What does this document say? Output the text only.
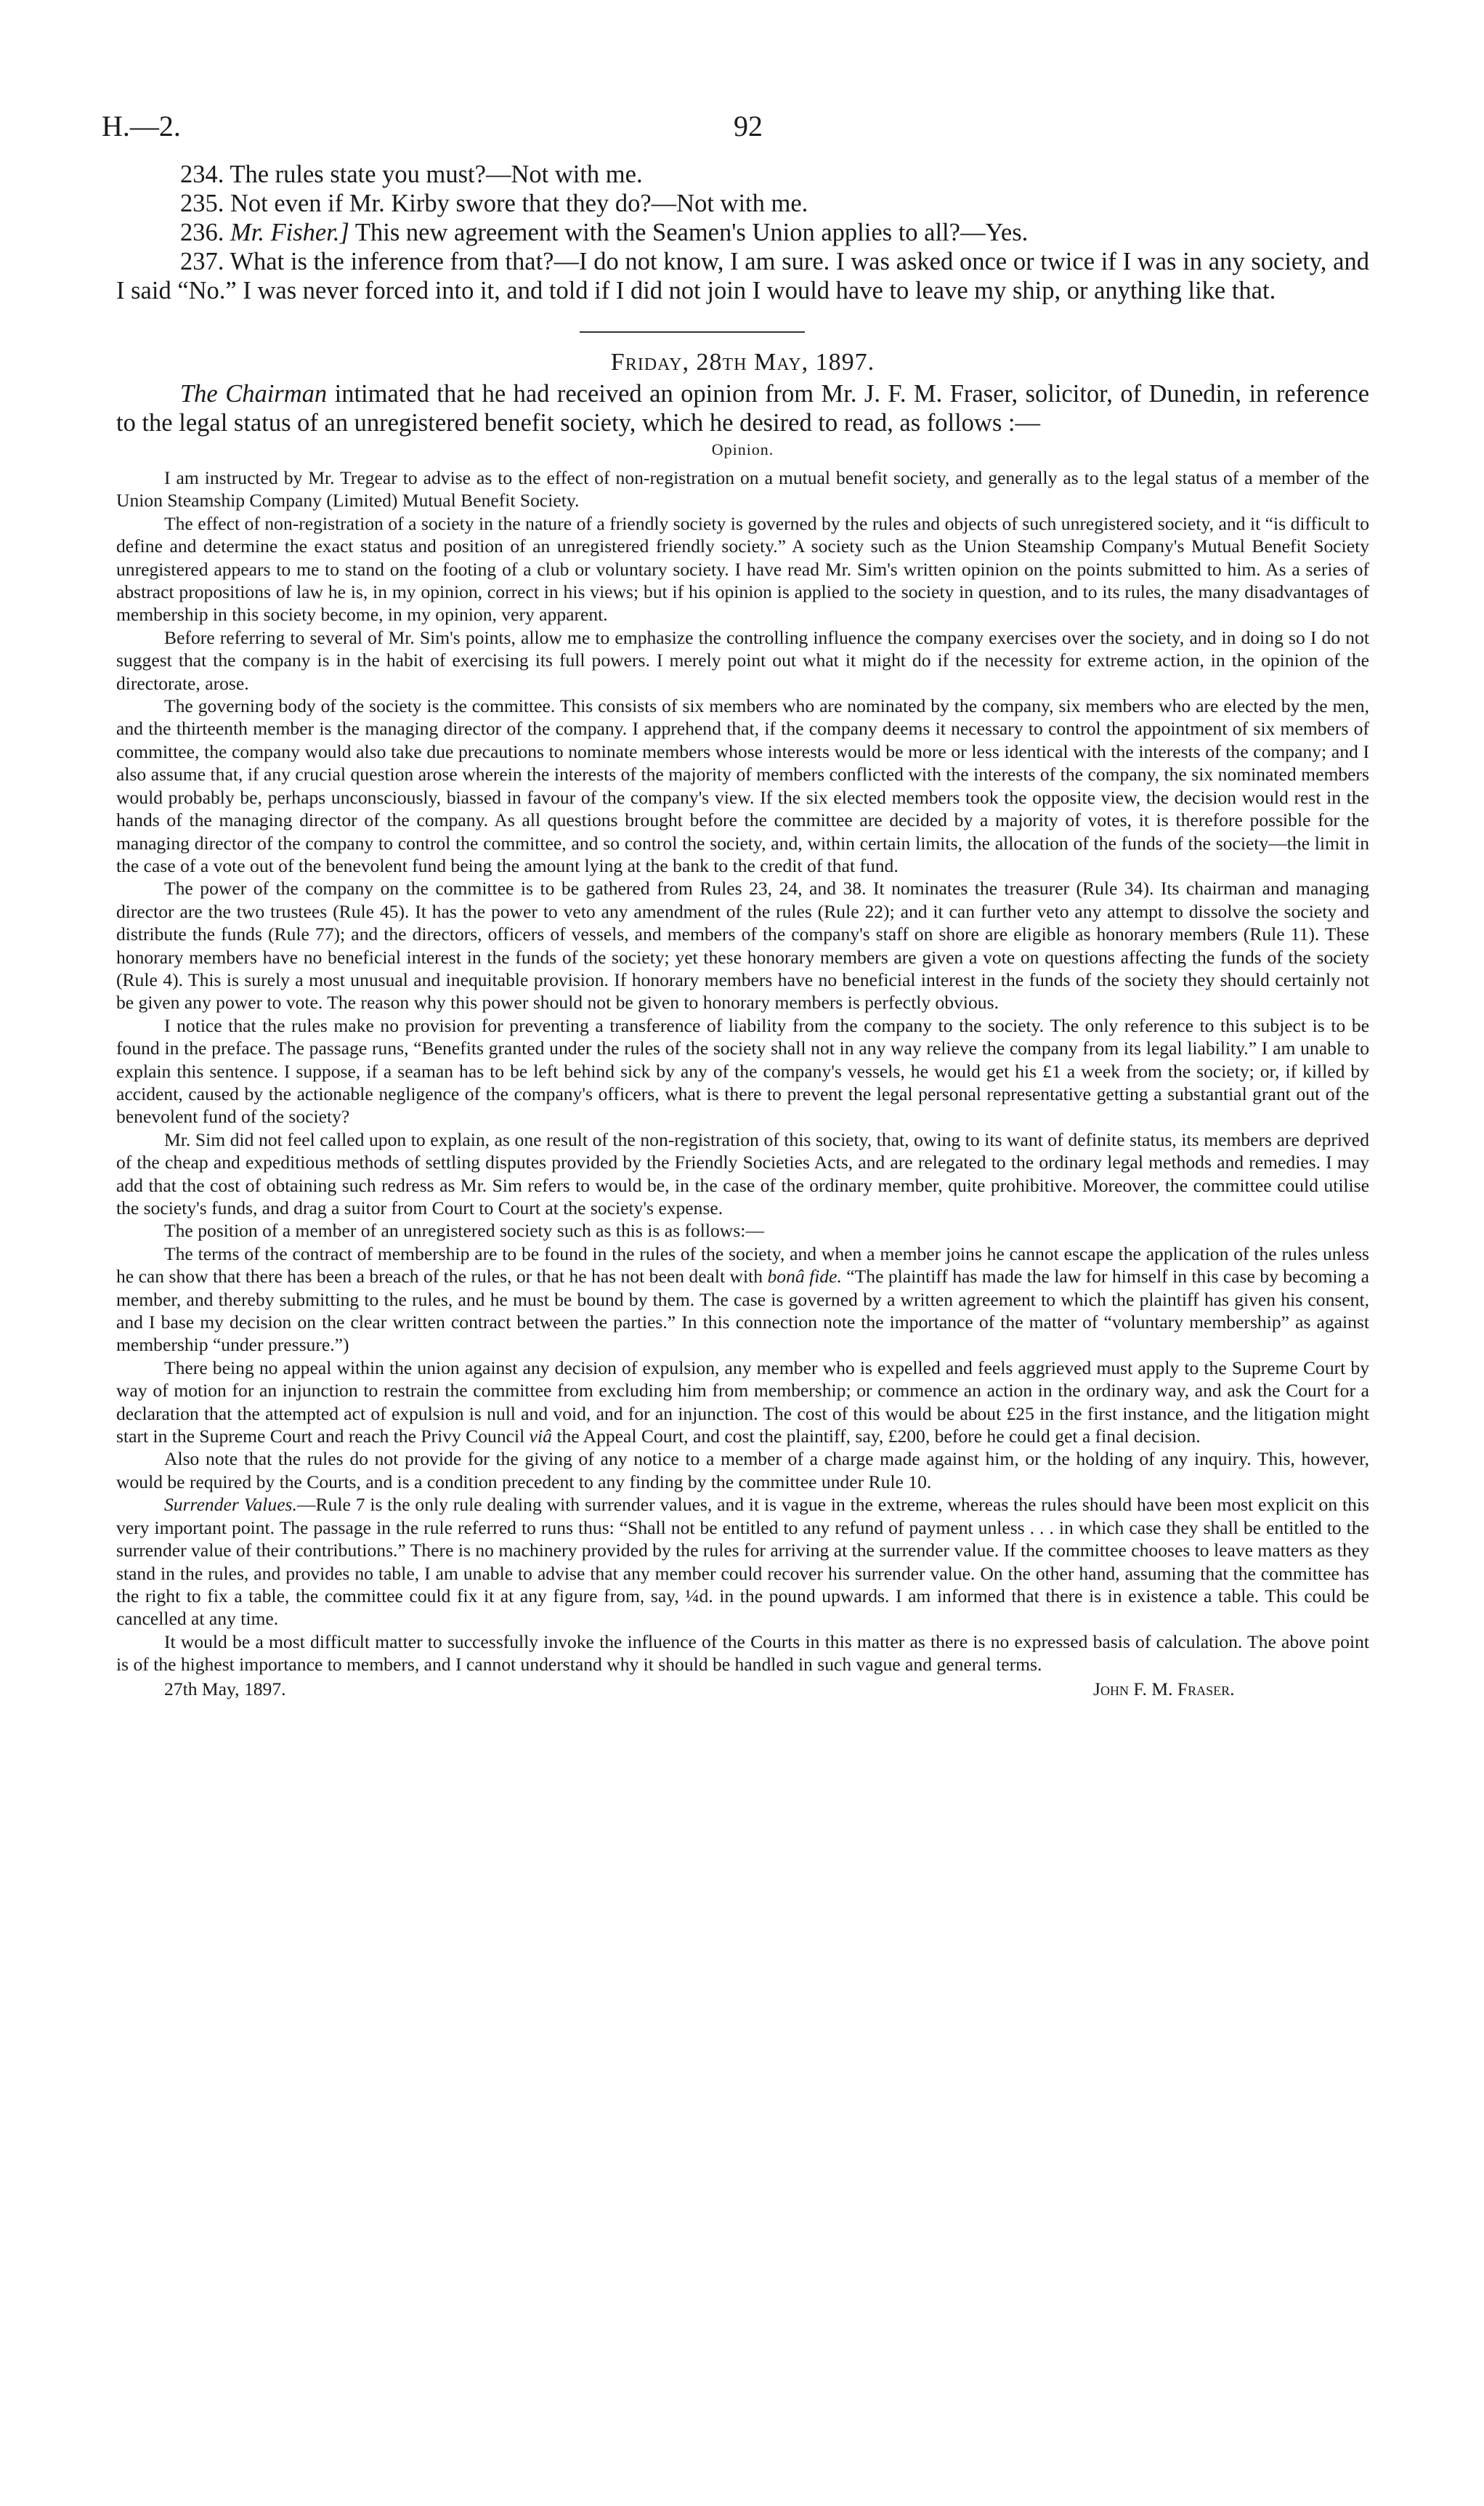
H.—2.	92
234. The rules state you must?—Not with me.
235. Not even if Mr. Kirby swore that they do?—Not with me.
236. Mr. Fisher.] This new agreement with the Seamen's Union applies to all?—Yes.

237. What is the inference from that?—I do not know, I am sure. I was asked once or twice if I was in any society, and I said “No.” I was never forced into it, and told if I did not join I would have to leave my ship, or anything like that.

Friday, 28th May, 1897.

The Chairman intimated that he had received an opinion from Mr. J. F. M. Fraser, solicitor, of Dunedin, in reference to the legal status of an unregistered benefit society, which he desired to read, as follows :—

Opinion.

I am instructed by Mr. Tregear to advise as to the effect of non-registration on a mutual benefit society, and generally as to the legal status of a member of the Union Steamship Company (Limited) Mutual Benefit Society.

The effect of non-registration of a society in the nature of a friendly society is governed by the rules and objects of such unregistered society, and it “is difficult to define and determine the exact status and position of an unregistered friendly society.” A society such as the Union Steamship Company's Mutual Benefit Society unregistered appears to me to stand on the footing of a club or voluntary society. I have read Mr. Sim's written opinion on the points submitted to him. As a series of abstract propositions of law he is, in my opinion, correct in his views; but if his opinion is applied to the society in question, and to its rules, the many disadvantages of membership in this society become, in my opinion, very apparent.

Before referring to several of Mr. Sim's points, allow me to emphasize the controlling influence the company exercises over the society, and in doing so I do not suggest that the company is in the habit of exercising its full powers. I merely point out what it might do if the necessity for extreme action, in the opinion of the directorate, arose.

The governing body of the society is the committee. This consists of six members who are nominated by the company, six members who are elected by the men, and the thirteenth member is the managing director of the company. I apprehend that, if the company deems it necessary to control the appointment of six members of committee, the company would also take due precautions to nominate members whose interests would be more or less identical with the interests of the company; and I also assume that, if any crucial question arose wherein the interests of the majority of members conflicted with the interests of the company, the six nominated members would probably be, perhaps unconsciously, biassed in favour of the company's view. If the six elected members took the opposite view, the decision would rest in the hands of the managing director of the company. As all questions brought before the committee are decided by a majority of votes, it is therefore possible for the managing director of the company to control the committee, and so control the society, and, within certain limits, the allocation of the funds of the society—the limit in the case of a vote out of the benevolent fund being the amount lying at the bank to the credit of that fund.

The power of the company on the committee is to be gathered from Rules 23, 24, and 38. It nominates the treasurer (Rule 34). Its chairman and managing director are the two trustees (Rule 45). It has the power to veto any amendment of the rules (Rule 22); and it can further veto any attempt to dissolve the society and distribute the funds (Rule 77); and the directors, officers of vessels, and members of the company's staff on shore are eligible as honorary members (Rule 11). These honorary members have no beneficial interest in the funds of the society; yet these honorary members are given a vote on questions affecting the funds of the society (Rule 4). This is surely a most unusual and inequitable provision. If honorary members have no beneficial interest in the funds of the society they should certainly not be given any power to vote. The reason why this power should not be given to honorary members is perfectly obvious.

I notice that the rules make no provision for preventing a transference of liability from the company to the society. The only reference to this subject is to be found in the preface. The passage runs, “Benefits granted under the rules of the society shall not in any way relieve the company from its legal liability.” I am unable to explain this sentence. I suppose, if a seaman has to be left behind sick by any of the company's vessels, he would get his £1 a week from the society; or, if killed by accident, caused by the actionable negligence of the company's officers, what is there to prevent the legal personal representative getting a substantial grant out of the benevolent fund of the society?

Mr. Sim did not feel called upon to explain, as one result of the non-registration of this society, that, owing to its want of definite status, its members are deprived of the cheap and expeditious methods of settling disputes provided by the Friendly Societies Acts, and are relegated to the ordinary legal methods and remedies. I may add that the cost of obtaining such redress as Mr. Sim refers to would be, in the case of the ordinary member, quite prohibitive. Moreover, the committee could utilise the society's funds, and drag a suitor from Court to Court at the society's expense.

The position of a member of an unregistered society such as this is as follows:—

The terms of the contract of membership are to be found in the rules of the society, and when a member joins he cannot escape the application of the rules unless he can show that there has been a breach of the rules, or that he has not been dealt with bonâ fide. “The plaintiff has made the law for himself in this case by becoming a member, and thereby submitting to the rules, and he must be bound by them. The case is governed by a written agreement to which the plaintiff has given his consent, and I base my decision on the clear written contract between the parties.” In this connection note the importance of the matter of “voluntary membership” as against membership “under pressure.”)

There being no appeal within the union against any decision of expulsion, any member who is expelled and feels aggrieved must apply to the Supreme Court by way of motion for an injunction to restrain the committee from excluding him from membership; or commence an action in the ordinary way, and ask the Court for a declaration that the attempted act of expulsion is null and void, and for an injunction. The cost of this would be about £25 in the first instance, and the litigation might start in the Supreme Court and reach the Privy Council viâ the Appeal Court, and cost the plaintiff, say, £200, before he could get a final decision.

Also note that the rules do not provide for the giving of any notice to a member of a charge made against him, or the holding of any inquiry. This, however, would be required by the Courts, and is a condition precedent to any finding by the committee under Rule 10.

Surrender Values.—Rule 7 is the only rule dealing with surrender values, and it is vague in the extreme, whereas the rules should have been most explicit on this very important point. The passage in the rule referred to runs thus: “Shall not be entitled to any refund of payment unless . . . in which case they shall be entitled to the surrender value of their contributions.” There is no machinery provided by the rules for arriving at the surrender value. If the committee chooses to leave matters as they stand in the rules, and provides no table, I am unable to advise that any member could recover his surrender value. On the other hand, assuming that the committee has the right to fix a table, the committee could fix it at any figure from, say, ¼d. in the pound upwards. I am informed that there is in existence a table. This could be cancelled at any time.

It would be a most difficult matter to successfully invoke the influence of the Courts in this matter as there is no expressed basis of calculation. The above point is of the highest importance to members, and I cannot understand why it should be handled in such vague and general terms.

27th May, 1897.	John F. M. Fraser.
